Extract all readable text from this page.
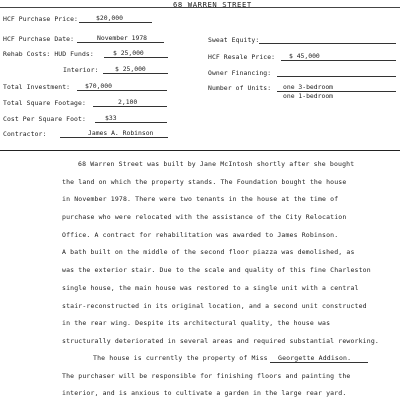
68 WARREN STREET
HCF Purchase Price:	$20,000
HCF Purchase Date:	November 1978
Rehab Costs: HUD Funds:	$ 25,000
Interior:	$ 25,000
Total Investment: $70,000
Total Square Footage:	2,100
Cost Per Square Foot:	$33
Contractor:	James A. Robinson
Sweat Equity:
HCF Resale Price: $ 45,000
Owner Financing:
Number of Units: one 3-bedroom
one 1-bedroom
68 Warren Street was built by Jane McIntosh shortly after she bought
the land on which the property stands. The Foundation bought the house
in November 1978. There were two tenants in the house at the time of
purchase who were relocated with the assistance of the City Relocation
Office. A contract for rehabilitation was awarded to James Robinson.
A bath built on the middle of the second floor piazza was demolished, as
was the exterior stair. Due to the scale and quality of this fine Charleston
single house, the main house was restored to a single unit with a central
stair-reconstructed in its original location, and a second unit constructed
in the rear wing. Despite its architectural quality, the house was
structurally deteriorated in several areas and required substantial reworking.
The house is currently the property of Miss Georgette Addison.
The purchaser will be responsible for finishing floors and painting the
interior, and is anxious to cultivate a garden in the large rear yard.
